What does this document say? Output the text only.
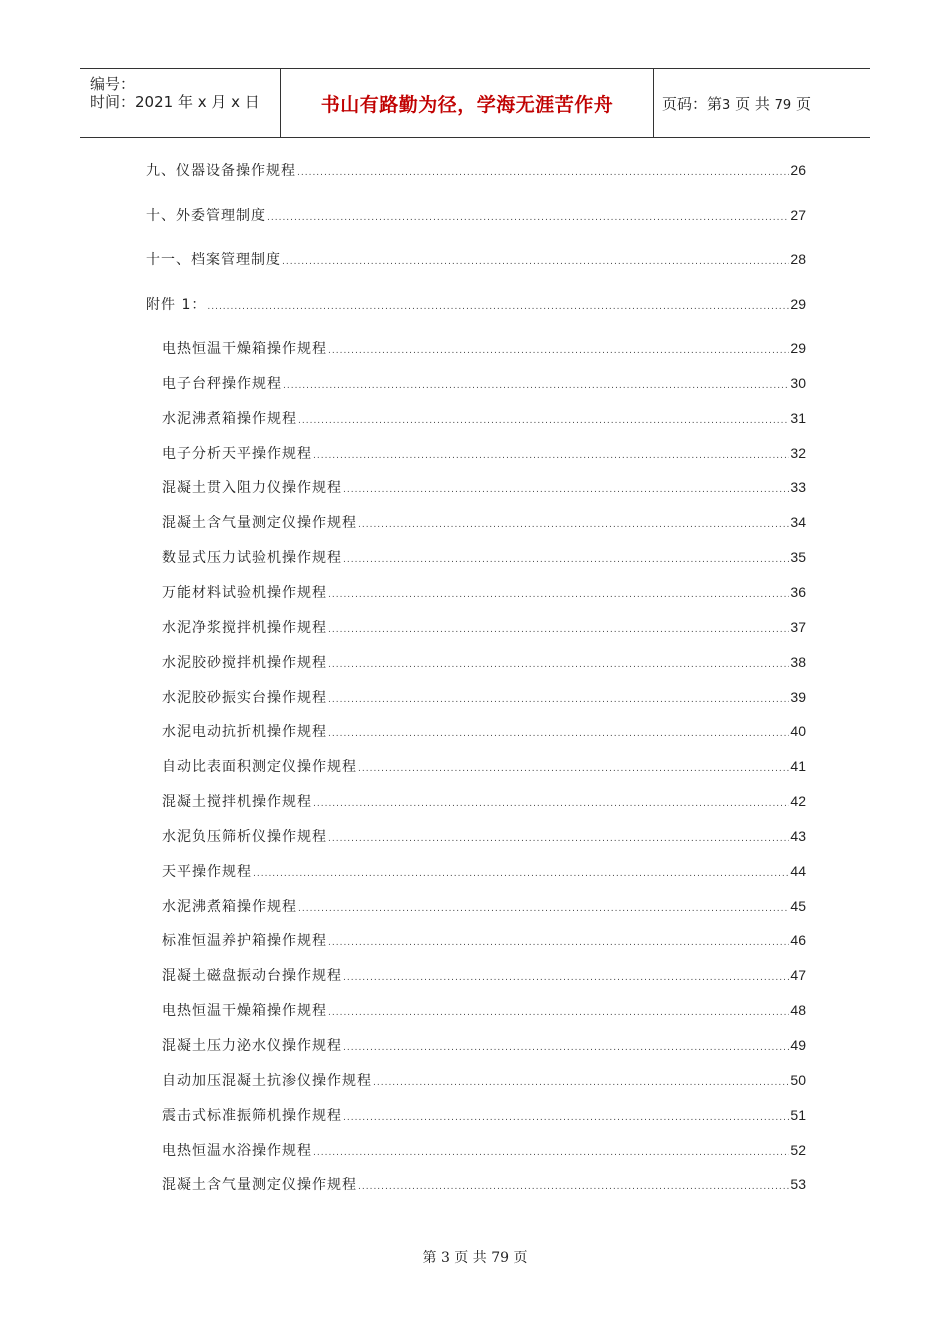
编号：
时间：2021 年 x 月 x 日	书山有路勤为径，学海无涯苦作舟	页码：第3 页 共 79 页
九、仪器设备操作规程 .....	26
十、外委管理制度 .....	27
十一、档案管理制度 .....	28
附件 1： .....	29
电热恒温干燥箱操作规程 .....	29
电子台秤操作规程 .....	30
水泥沸煮箱操作规程 .....	31
电子分析天平操作规程 .....	32
混凝土贯入阻力仪操作规程 .....	33
混凝土含气量测定仪操作规程 .....	34
数显式压力试验机操作规程 .....	35
万能材料试验机操作规程 .....	36
水泥净浆搅拌机操作规程 .....	37
水泥胶砂搅拌机操作规程 .....	38
水泥胶砂振实台操作规程 .....	39
水泥电动抗折机操作规程 .....	40
自动比表面积测定仪操作规程 .....	41
混凝土搅拌机操作规程 .....	42
水泥负压筛析仪操作规程 .....	43
天平操作规程 .....	44
水泥沸煮箱操作规程 .....	45
标准恒温养护箱操作规程 .....	46
混凝土磁盘振动台操作规程 .....	47
电热恒温干燥箱操作规程 .....	48
混凝土压力泌水仪操作规程 .....	49
自动加压混凝土抗渗仪操作规程 .....	50
震击式标准振筛机操作规程 .....	51
电热恒温水浴操作规程 .....	52
混凝土含气量测定仪操作规程 .....	53
第 3 页 共 79 页
